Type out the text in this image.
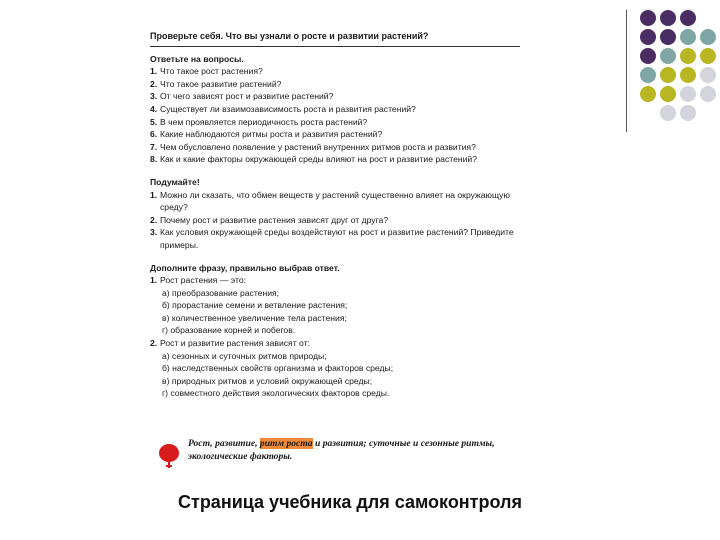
Проверьте себя. Что вы узнали о росте и развитии растений?
Ответьте на вопросы.
1. Что такое рост растения?
2. Что такое развитие растений?
3. От чего зависят рост и развитие растений?
4. Существует ли взаимозависимость роста и развития растений?
5. В чем проявляется периодичность роста растений?
6. Какие наблюдаются ритмы роста и развития растений?
7. Чем обусловлено появление у растений внутренних ритмов роста и развития?
8. Как и какие факторы окружающей среды влияют на рост и развитие растений?
Подумайте!
1. Можно ли сказать, что обмен веществ у растений существенно влияет на окружающую среду?
2. Почему рост и развитие растения зависят друг от друга?
3. Как условия окружающей среды воздействуют на рост и развитие растений? Приведите примеры.
Дополните фразу, правильно выбрав ответ.
1. Рост растения — это:
а) преобразование растения;
б) прорастание семени и ветвление растения;
в) количественное увеличение тела растения;
г) образование корней и побегов.
2. Рост и развитие растения зависят от:
а) сезонных и суточных ритмов природы;
б) наследственных свойств организма и факторов среды;
в) природных ритмов и условий окружающей среды;
г) совместного действия экологических факторов среды.
Рост, развитие, ритм роста и развития; суточные и сезонные ритмы, экологические факторы.
Страница учебника для самоконтроля
